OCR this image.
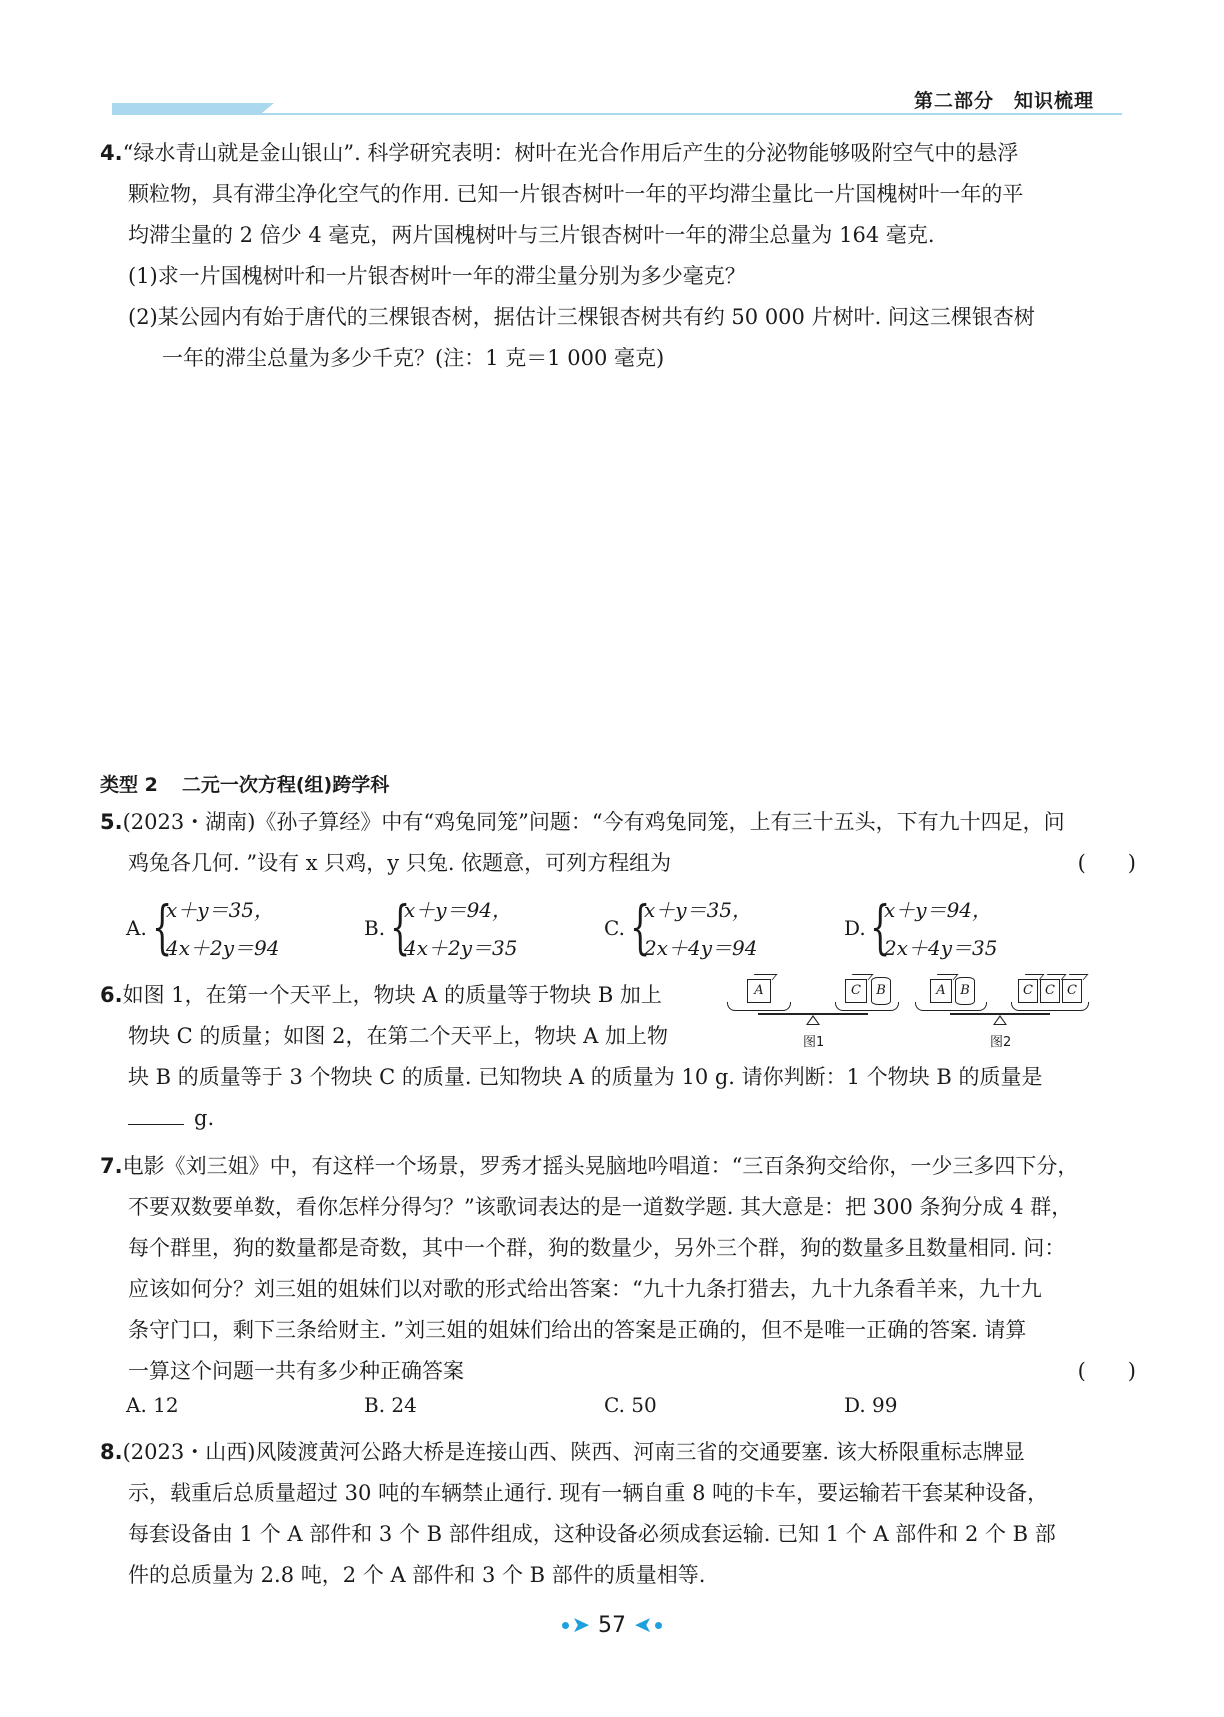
第二部分 知识梳理
4.“绿水青山就是金山银山”. 科学研究表明：树叶在光合作用后产生的分泌物能够吸附空气中的悬浮
颗粒物，具有滞尘净化空气的作用. 已知一片银杏树叶一年的平均滞尘量比一片国槐树叶一年的平
均滞尘量的 2 倍少 4 毫克，两片国槐树叶与三片银杏树叶一年的滞尘总量为 164 毫克.
(1)求一片国槐树叶和一片银杏树叶一年的滞尘量分别为多少毫克？
(2)某公园内有始于唐代的三棵银杏树，据估计三棵银杏树共有约 50 000 片树叶. 问这三棵银杏树
一年的滞尘总量为多少千克？(注：1 克＝1 000 毫克)
类型 2 二元一次方程(组)跨学科
5.(2023・湖南)《孙子算经》中有“鸡兔同笼”问题：“今有鸡兔同笼，上有三十五头，下有九十四足，问
鸡兔各几何. ”设有 x 只鸡，y 只兔. 依题意，可列方程组为	(　　)
A. {
x＋y＝35，
4x＋2y＝94
B. {
x＋y＝94，
4x＋2y＝35
C. {
x＋y＝35，
2x＋4y＝94
D. {
x＋y＝94，
2x＋4y＝35
6.如图 1，在第一个天平上，物块 A 的质量等于物块 B 加上
物块 C 的质量；如图 2，在第二个天平上，物块 A 加上物
块 B 的质量等于 3 个物块 C 的质量. 已知物块 A 的质量为 10 g. 请你判断：1 个物块 B 的质量是
g.
A	C	B
图1
A	B	C C C
图2
7.电影《刘三姐》中，有这样一个场景，罗秀才摇头晃脑地吟唱道：“三百条狗交给你，一少三多四下分，
不要双数要单数，看你怎样分得匀？”该歌词表达的是一道数学题. 其大意是：把 300 条狗分成 4 群，
每个群里，狗的数量都是奇数，其中一个群，狗的数量少，另外三个群，狗的数量多且数量相同. 问：
应该如何分？刘三姐的姐妹们以对歌的形式给出答案：“九十九条打猎去，九十九条看羊来，九十九
条守门口，剩下三条给财主. ”刘三姐的姐妹们给出的答案是正确的，但不是唯一正确的答案. 请算
一算这个问题一共有多少种正确答案	(　　)
A. 12	B. 24	C. 50	D. 99
8.(2023・山西)风陵渡黄河公路大桥是连接山西、陕西、河南三省的交通要塞. 该大桥限重标志牌显
示，载重后总质量超过 30 吨的车辆禁止通行. 现有一辆自重 8 吨的卡车，要运输若干套某种设备，
每套设备由 1 个 A 部件和 3 个 B 部件组成，这种设备必须成套运输. 已知 1 个 A 部件和 2 个 B 部
件的总质量为 2.8 吨，2 个 A 部件和 3 个 B 部件的质量相等.
➤ 57 ➤
